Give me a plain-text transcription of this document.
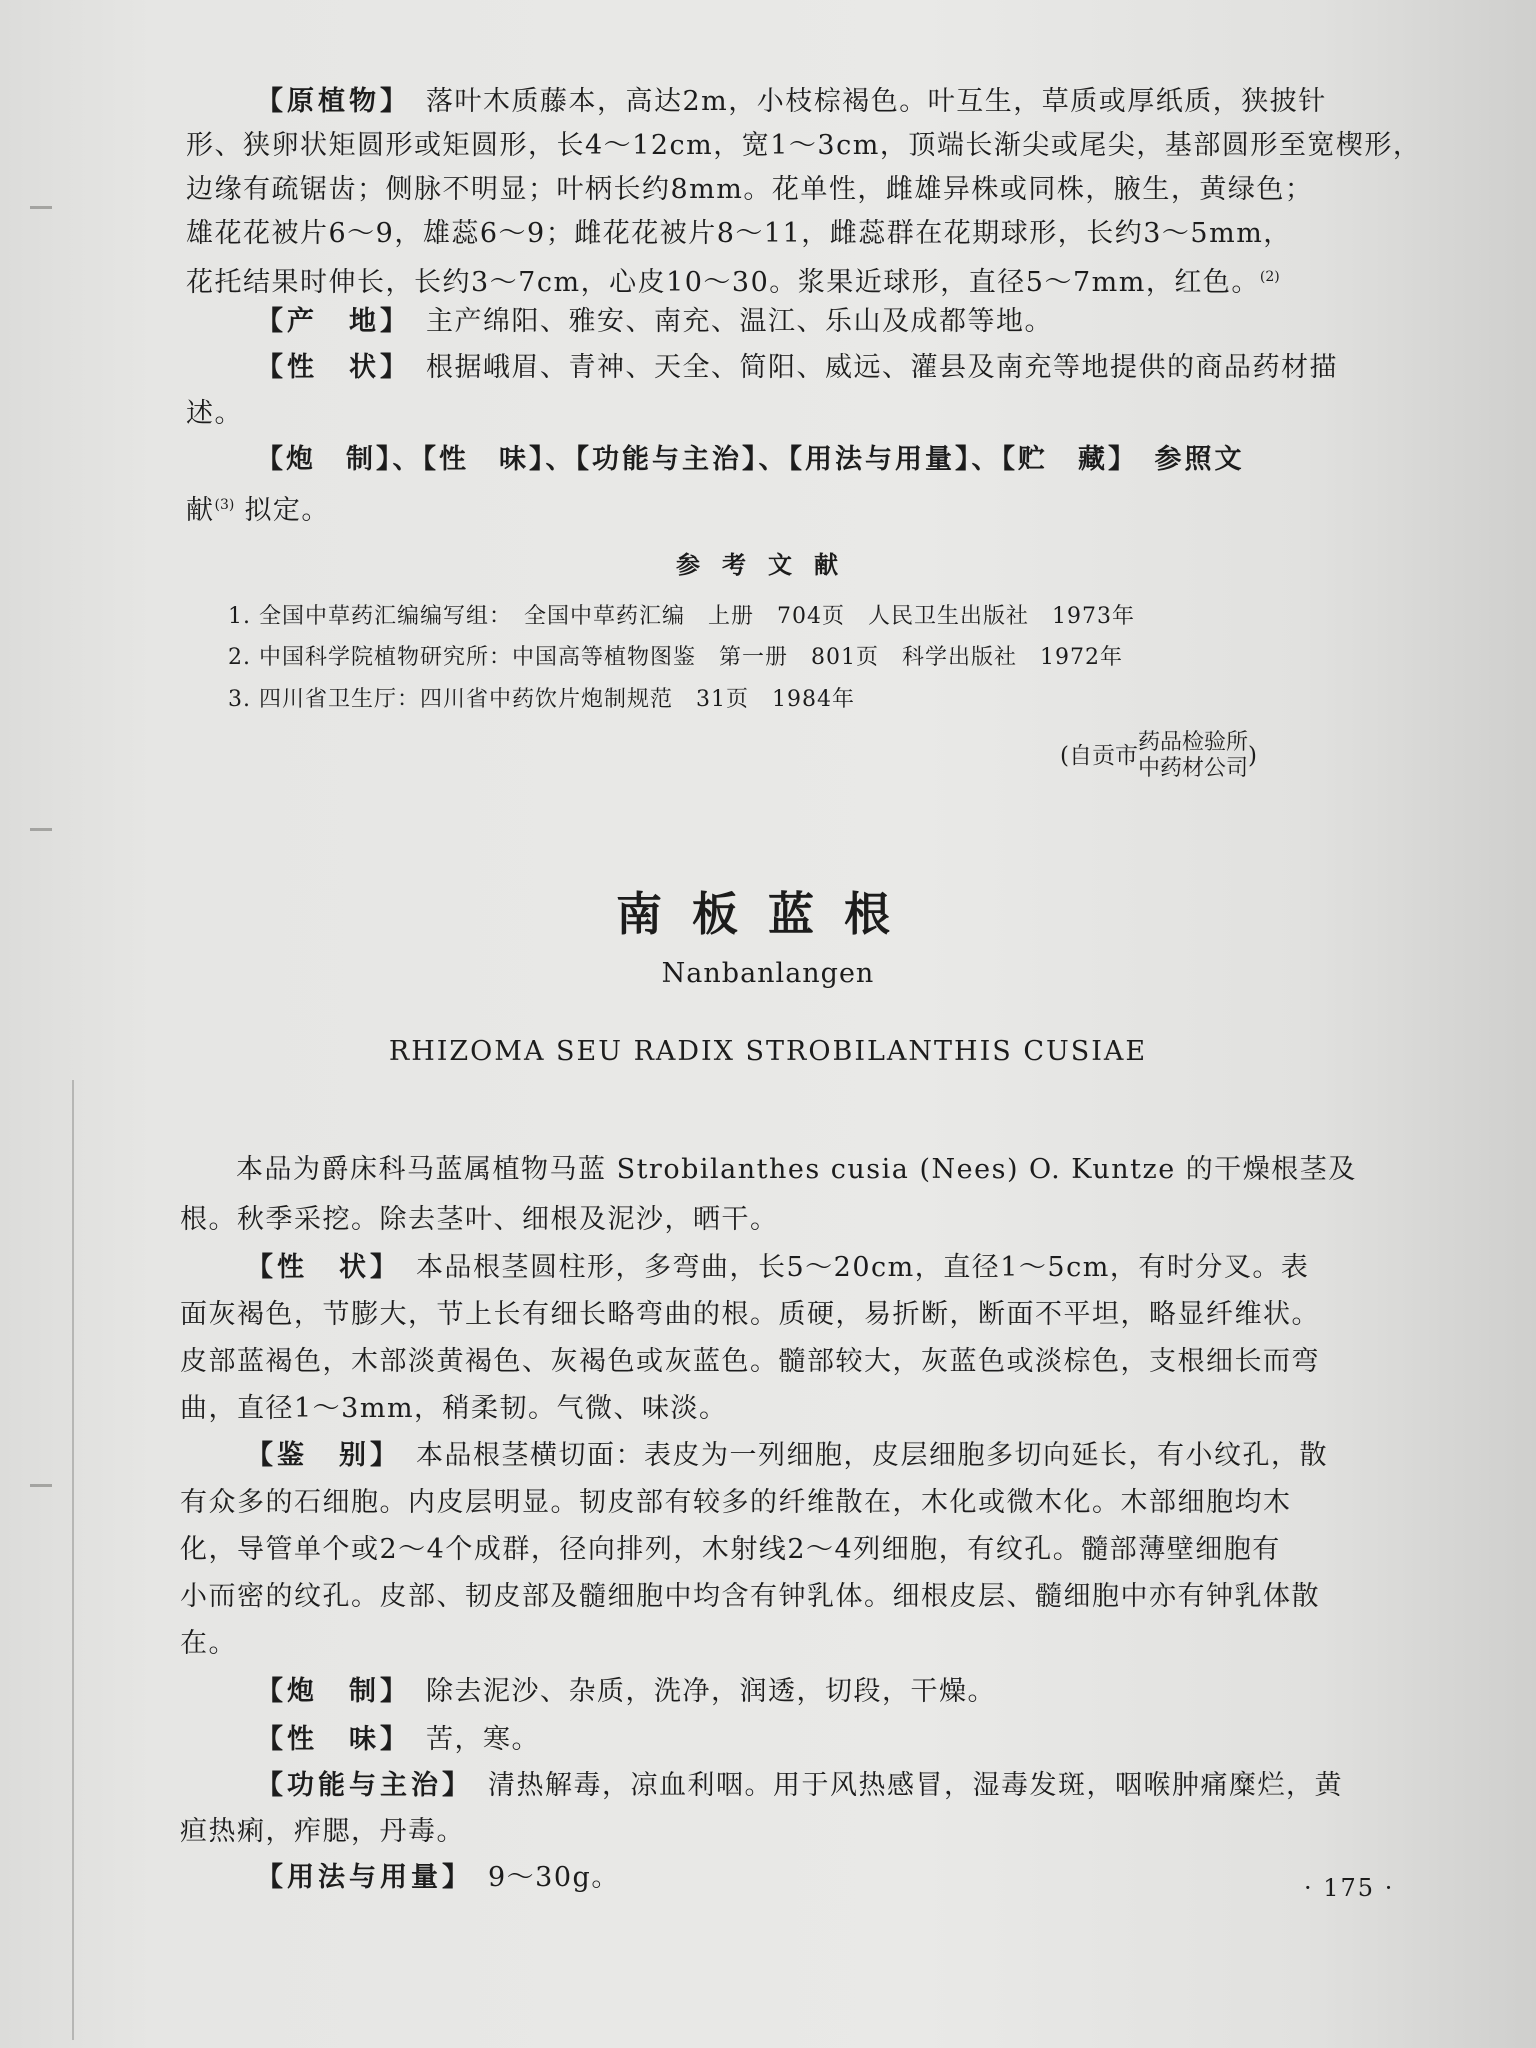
【原植物】　 落叶木质藤本，高达2m，小枝棕褐色。叶互生，草质或厚纸质，狭披针
形、狭卵状矩圆形或矩圆形，长4～12cm，宽1～3cm，顶端长渐尖或尾尖，基部圆形至宽楔形，
边缘有疏锯齿；侧脉不明显；叶柄长约8mm。花单性，雌雄异株或同株，腋生，黄绿色；
雄花花被片6～9，雄蕊6～9；雌花花被片8～11，雌蕊群在花期球形，长约3～5mm，
花托结果时伸长，长约3～7cm，心皮10～30。浆果近球形，直径5～7mm，红色。$^{(2)}$
【产　地】　 主产绵阳、雅安、南充、温江、乐山及成都等地。
【性　状】　 根据峨眉、青神、天全、简阳、威远、灌县及南充等地提供的商品药材描
述。
【炮　制】、【性　味】、【功能与主治】、【用法与用量】、【贮　藏】　参照文
献$^{(3)}$ 拟定。
参考文献
1. 全国中草药汇编编写组：　全国中草药汇编　上册　704页　人民卫生出版社　1973年
2. 中国科学院植物研究所：中国高等植物图鉴　第一册　801页　科学出版社　1972年
3. 四川省卫生厅：四川省中药饮片炮制规范　31页　1984年
(自贡市
药品检验所
中药材公司 )
南板蓝根
Nanbanlangen
RHIZOMA SEU RADIX STROBILANTHIS CUSIAE
本品为爵床科马蓝属植物马蓝 Strobilanthes cusia (Nees) O. Kuntze 的干燥根茎及
根。秋季采挖。除去茎叶、细根及泥沙，晒干。
【性　状】　 本品根茎圆柱形，多弯曲，长5～20cm，直径1～5cm，有时分叉。表
面灰褐色，节膨大，节上长有细长略弯曲的根。质硬，易折断，断面不平坦，略显纤维状。
皮部蓝褐色，木部淡黄褐色、灰褐色或灰蓝色。髓部较大，灰蓝色或淡棕色，支根细长而弯
曲，直径1～3mm，稍柔韧。气微、味淡。
【鉴　别】　 本品根茎横切面：表皮为一列细胞，皮层细胞多切向延长，有小纹孔，散
有众多的石细胞。内皮层明显。韧皮部有较多的纤维散在，木化或微木化。木部细胞均木
化，导管单个或2～4个成群，径向排列，木射线2～4列细胞，有纹孔。髓部薄壁细胞有
小而密的纹孔。皮部、韧皮部及髓细胞中均含有钟乳体。细根皮层、髓细胞中亦有钟乳体散
在。
【炮　制】　 除去泥沙、杂质，洗净，润透，切段，干燥。
【性　味】　 苦，寒。
【功能与主治】　 清热解毒，凉血利咽。用于风热感冒，湿毒发斑，咽喉肿痛糜烂，黄
疸热痢，痄腮，丹毒。
【用法与用量】　 9～30g。	· 175 ·
